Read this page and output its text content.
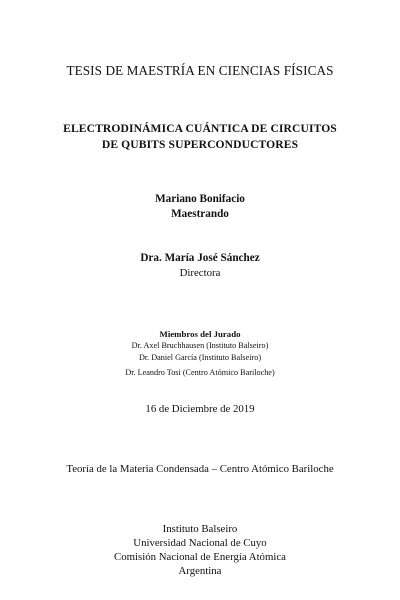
TESIS DE MAESTRÍA EN CIENCIAS FÍSICAS
ELECTRODINÁMICA CUÁNTICA DE CIRCUITOS
DE QUBITS SUPERCONDUCTORES
Mariano Bonifacio
Maestrando
Dra. María José Sánchez
Directora
Miembros del Jurado
Dr. Axel Bruchhausen (Instituto Balseiro)
Dr. Daniel García (Instituto Balseiro)
Dr. Leandro Tosi (Centro Atómico Bariloche)
16 de Diciembre de 2019
Teoría de la Materia Condensada – Centro Atómico Bariloche
Instituto Balseiro
Universidad Nacional de Cuyo
Comisión Nacional de Energía Atómica
Argentina
